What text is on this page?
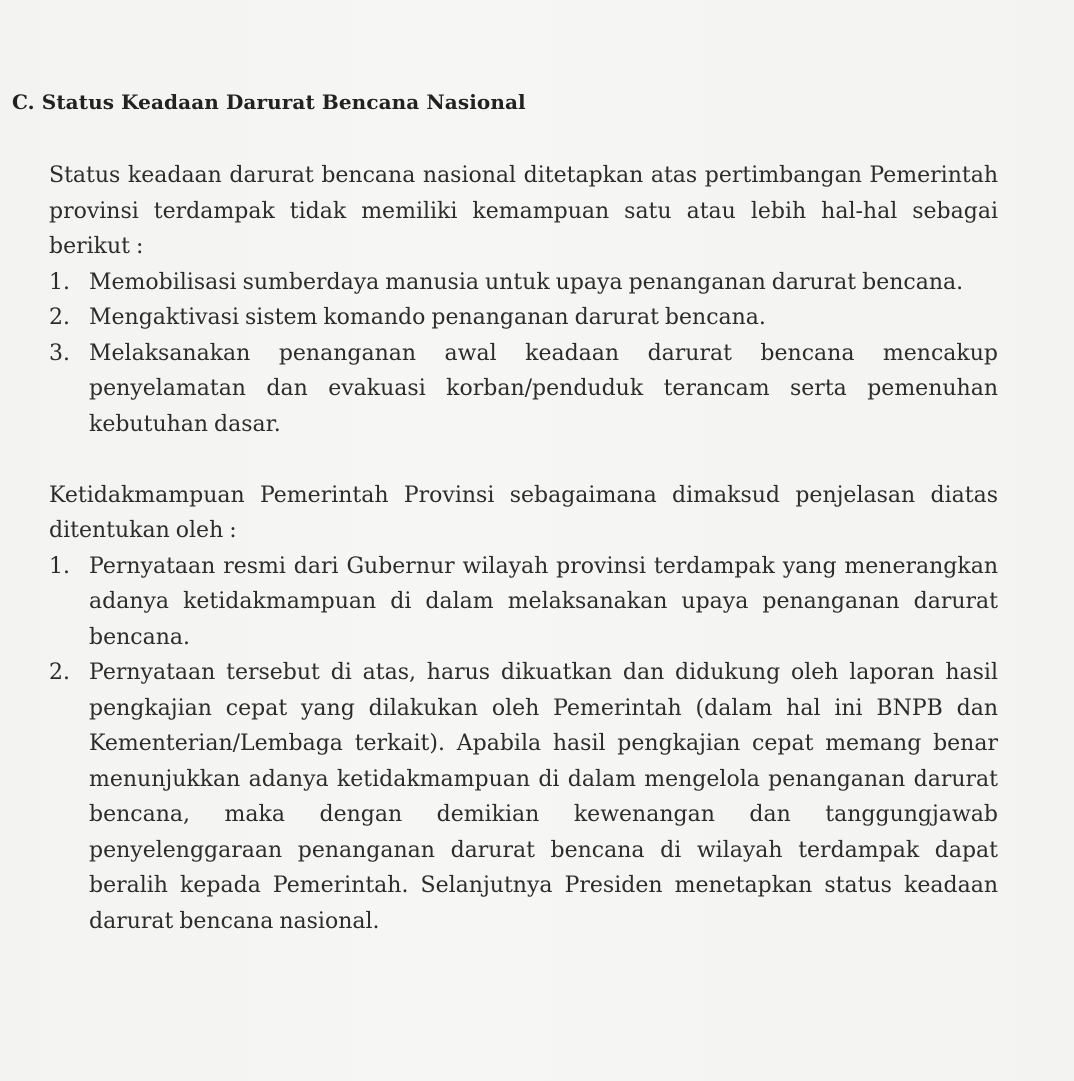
C. Status Keadaan Darurat Bencana Nasional

Status keadaan darurat bencana nasional ditetapkan atas pertimbangan Pemerintah provinsi terdampak tidak memiliki kemampuan satu atau lebih hal-hal sebagai berikut :

1. Memobilisasi sumberdaya manusia untuk upaya penanganan darurat bencana.
2. Mengaktivasi sistem komando penanganan darurat bencana.
3. Melaksanakan penanganan awal keadaan darurat bencana mencakup penyelamatan dan evakuasi korban/penduduk terancam serta pemenuhan kebutuhan dasar.

Ketidakmampuan Pemerintah Provinsi sebagaimana dimaksud penjelasan diatas ditentukan oleh :

1. Pernyataan resmi dari Gubernur wilayah provinsi terdampak yang menerangkan adanya ketidakmampuan di dalam melaksanakan upaya penanganan darurat bencana.
2. Pernyataan tersebut di atas, harus dikuatkan dan didukung oleh laporan hasil pengkajian cepat yang dilakukan oleh Pemerintah (dalam hal ini BNPB dan Kementerian/Lembaga terkait). Apabila hasil pengkajian cepat memang benar menunjukkan adanya ketidakmampuan di dalam mengelola penanganan darurat bencana, maka dengan demikian kewenangan dan tanggungjawab penyelenggaraan penanganan darurat bencana di wilayah terdampak dapat beralih kepada Pemerintah. Selanjutnya Presiden menetapkan status keadaan darurat bencana nasional.
